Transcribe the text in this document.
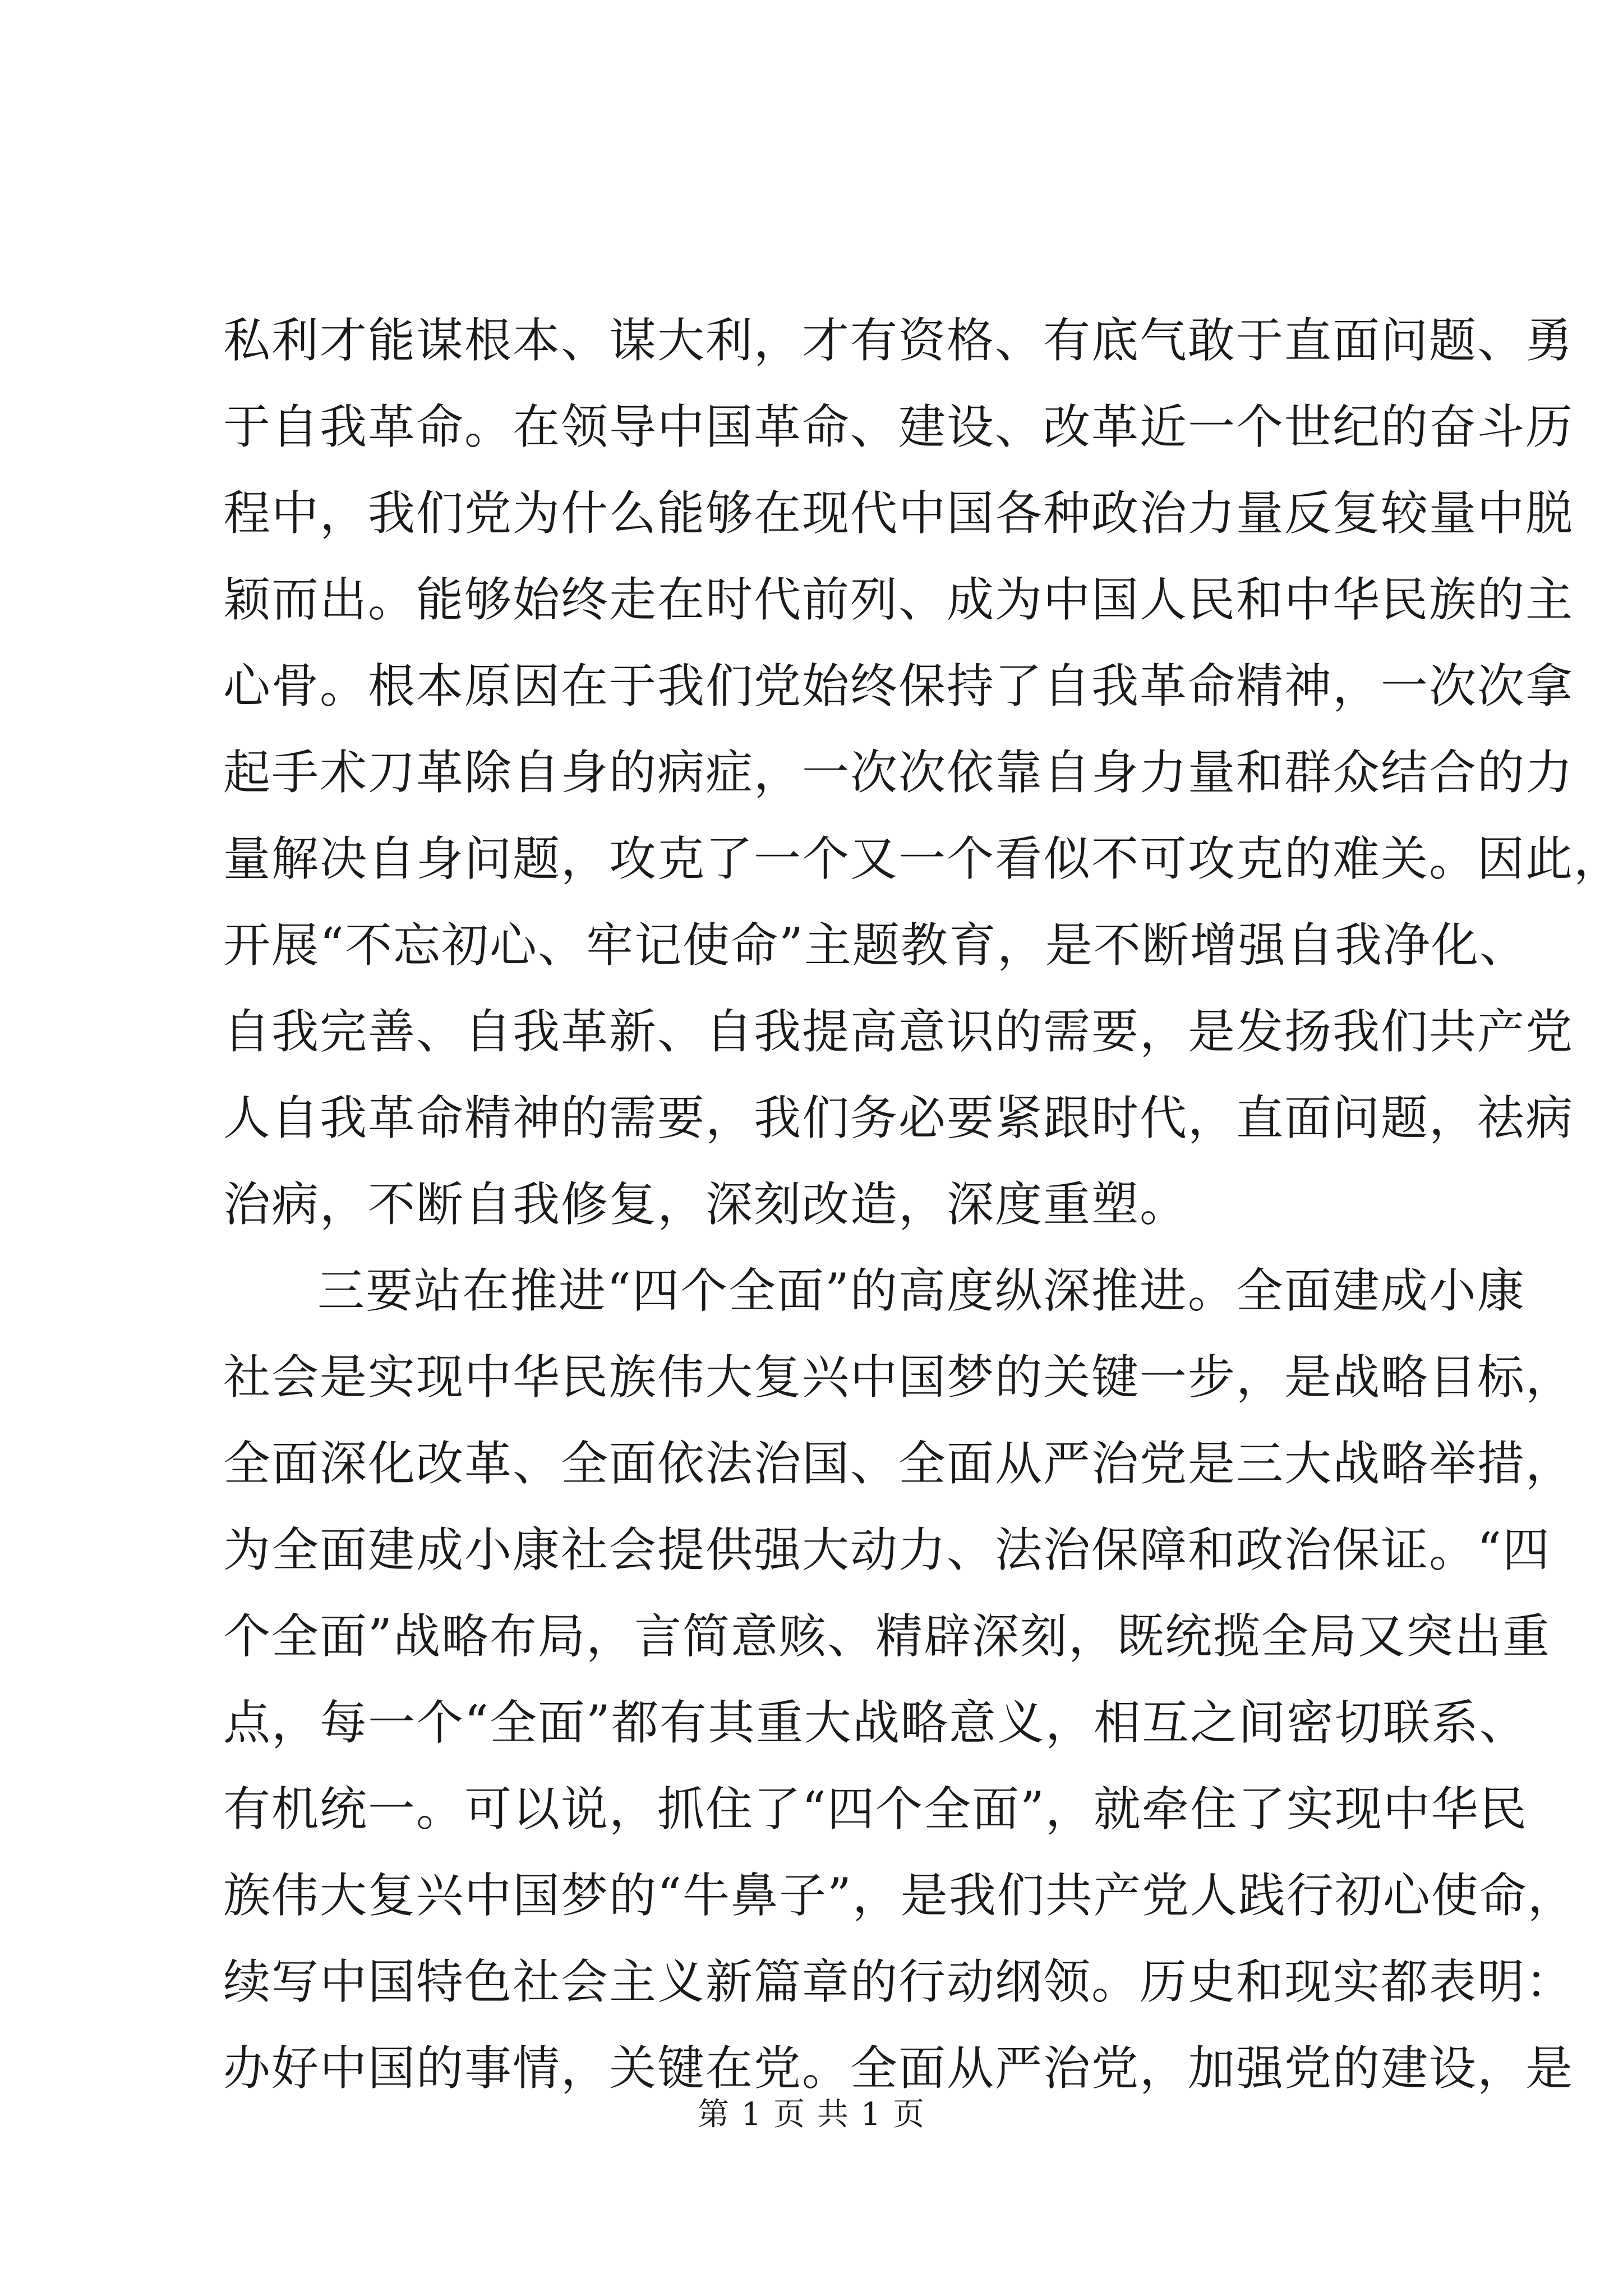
私利才能谋根本、谋大利，才有资格、有底气敢于直面问题、勇
于自我革命。在领导中国革命、建设、改革近一个世纪的奋斗历
程中，我们党为什么能够在现代中国各种政治力量反复较量中脱
颖而出。能够始终走在时代前列、成为中国人民和中华民族的主
心骨。根本原因在于我们党始终保持了自我革命精神，一次次拿
起手术刀革除自身的病症，一次次依靠自身力量和群众结合的力
量解决自身问题，攻克了一个又一个看似不可攻克的难关。因此，
开展“不忘初心、牢记使命”主题教育，是不断增强自我净化、
自我完善、自我革新、自我提高意识的需要，是发扬我们共产党
人自我革命精神的需要，我们务必要紧跟时代，直面问题，祛病
治病，不断自我修复，深刻改造，深度重塑。
三要站在推进“四个全面”的高度纵深推进。全面建成小康
社会是实现中华民族伟大复兴中国梦的关键一步，是战略目标，
全面深化改革、全面依法治国、全面从严治党是三大战略举措，
为全面建成小康社会提供强大动力、法治保障和政治保证。“四
个全面”战略布局，言简意赅、精辟深刻，既统揽全局又突出重
点，每一个“全面”都有其重大战略意义，相互之间密切联系、
有机统一。可以说，抓住了“四个全面”，就牵住了实现中华民
族伟大复兴中国梦的“牛鼻子”，是我们共产党人践行初心使命，
续写中国特色社会主义新篇章的行动纲领。历史和现实都表明：
办好中国的事情，关键在党。全面从严治党，加强党的建设，是
第 1 页 共 1 页
